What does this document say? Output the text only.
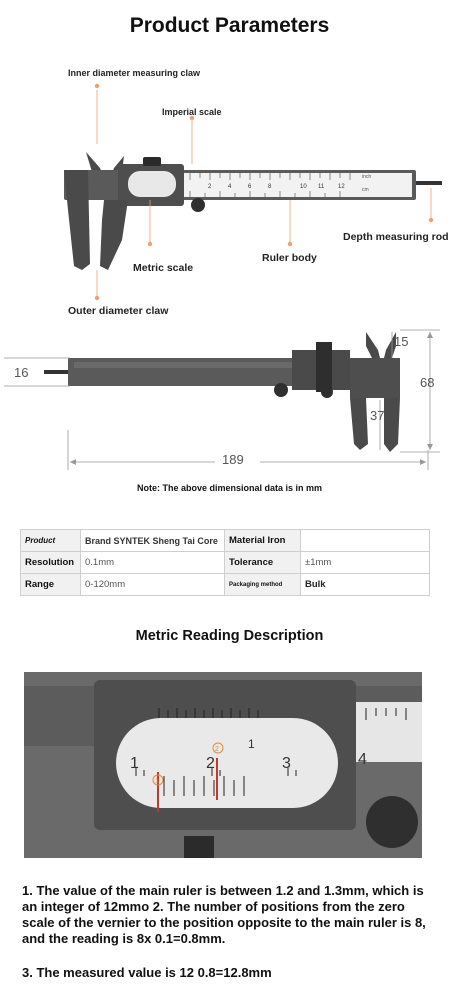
Product Parameters
inch
cm
2	4	6	8	10 11 12
Inner diameter measuring claw
Imperial scale
Metric scale
Ruler body
Depth measuring rod
Outer diameter claw
16
189
68
15
37
Note: The above dimensional data is in mm
Product	Brand SYNTEK Sheng Tai Core	Material Iron	
Resolution	0.1mm	Tolerance	±1mm
Range	0-120mm	Packaging method	Bulk
Metric Reading Description
1	2	3	4
1
1
2
1. The value of the main ruler is between 1.2 and 1.3mm, which is an integer of 12mmo 2. The number of positions from the zero scale of the vernier to the position opposite to the main ruler is 8, and the reading is 8x 0.1=0.8mm.
3. The measured value is 12 0.8=12.8mm
